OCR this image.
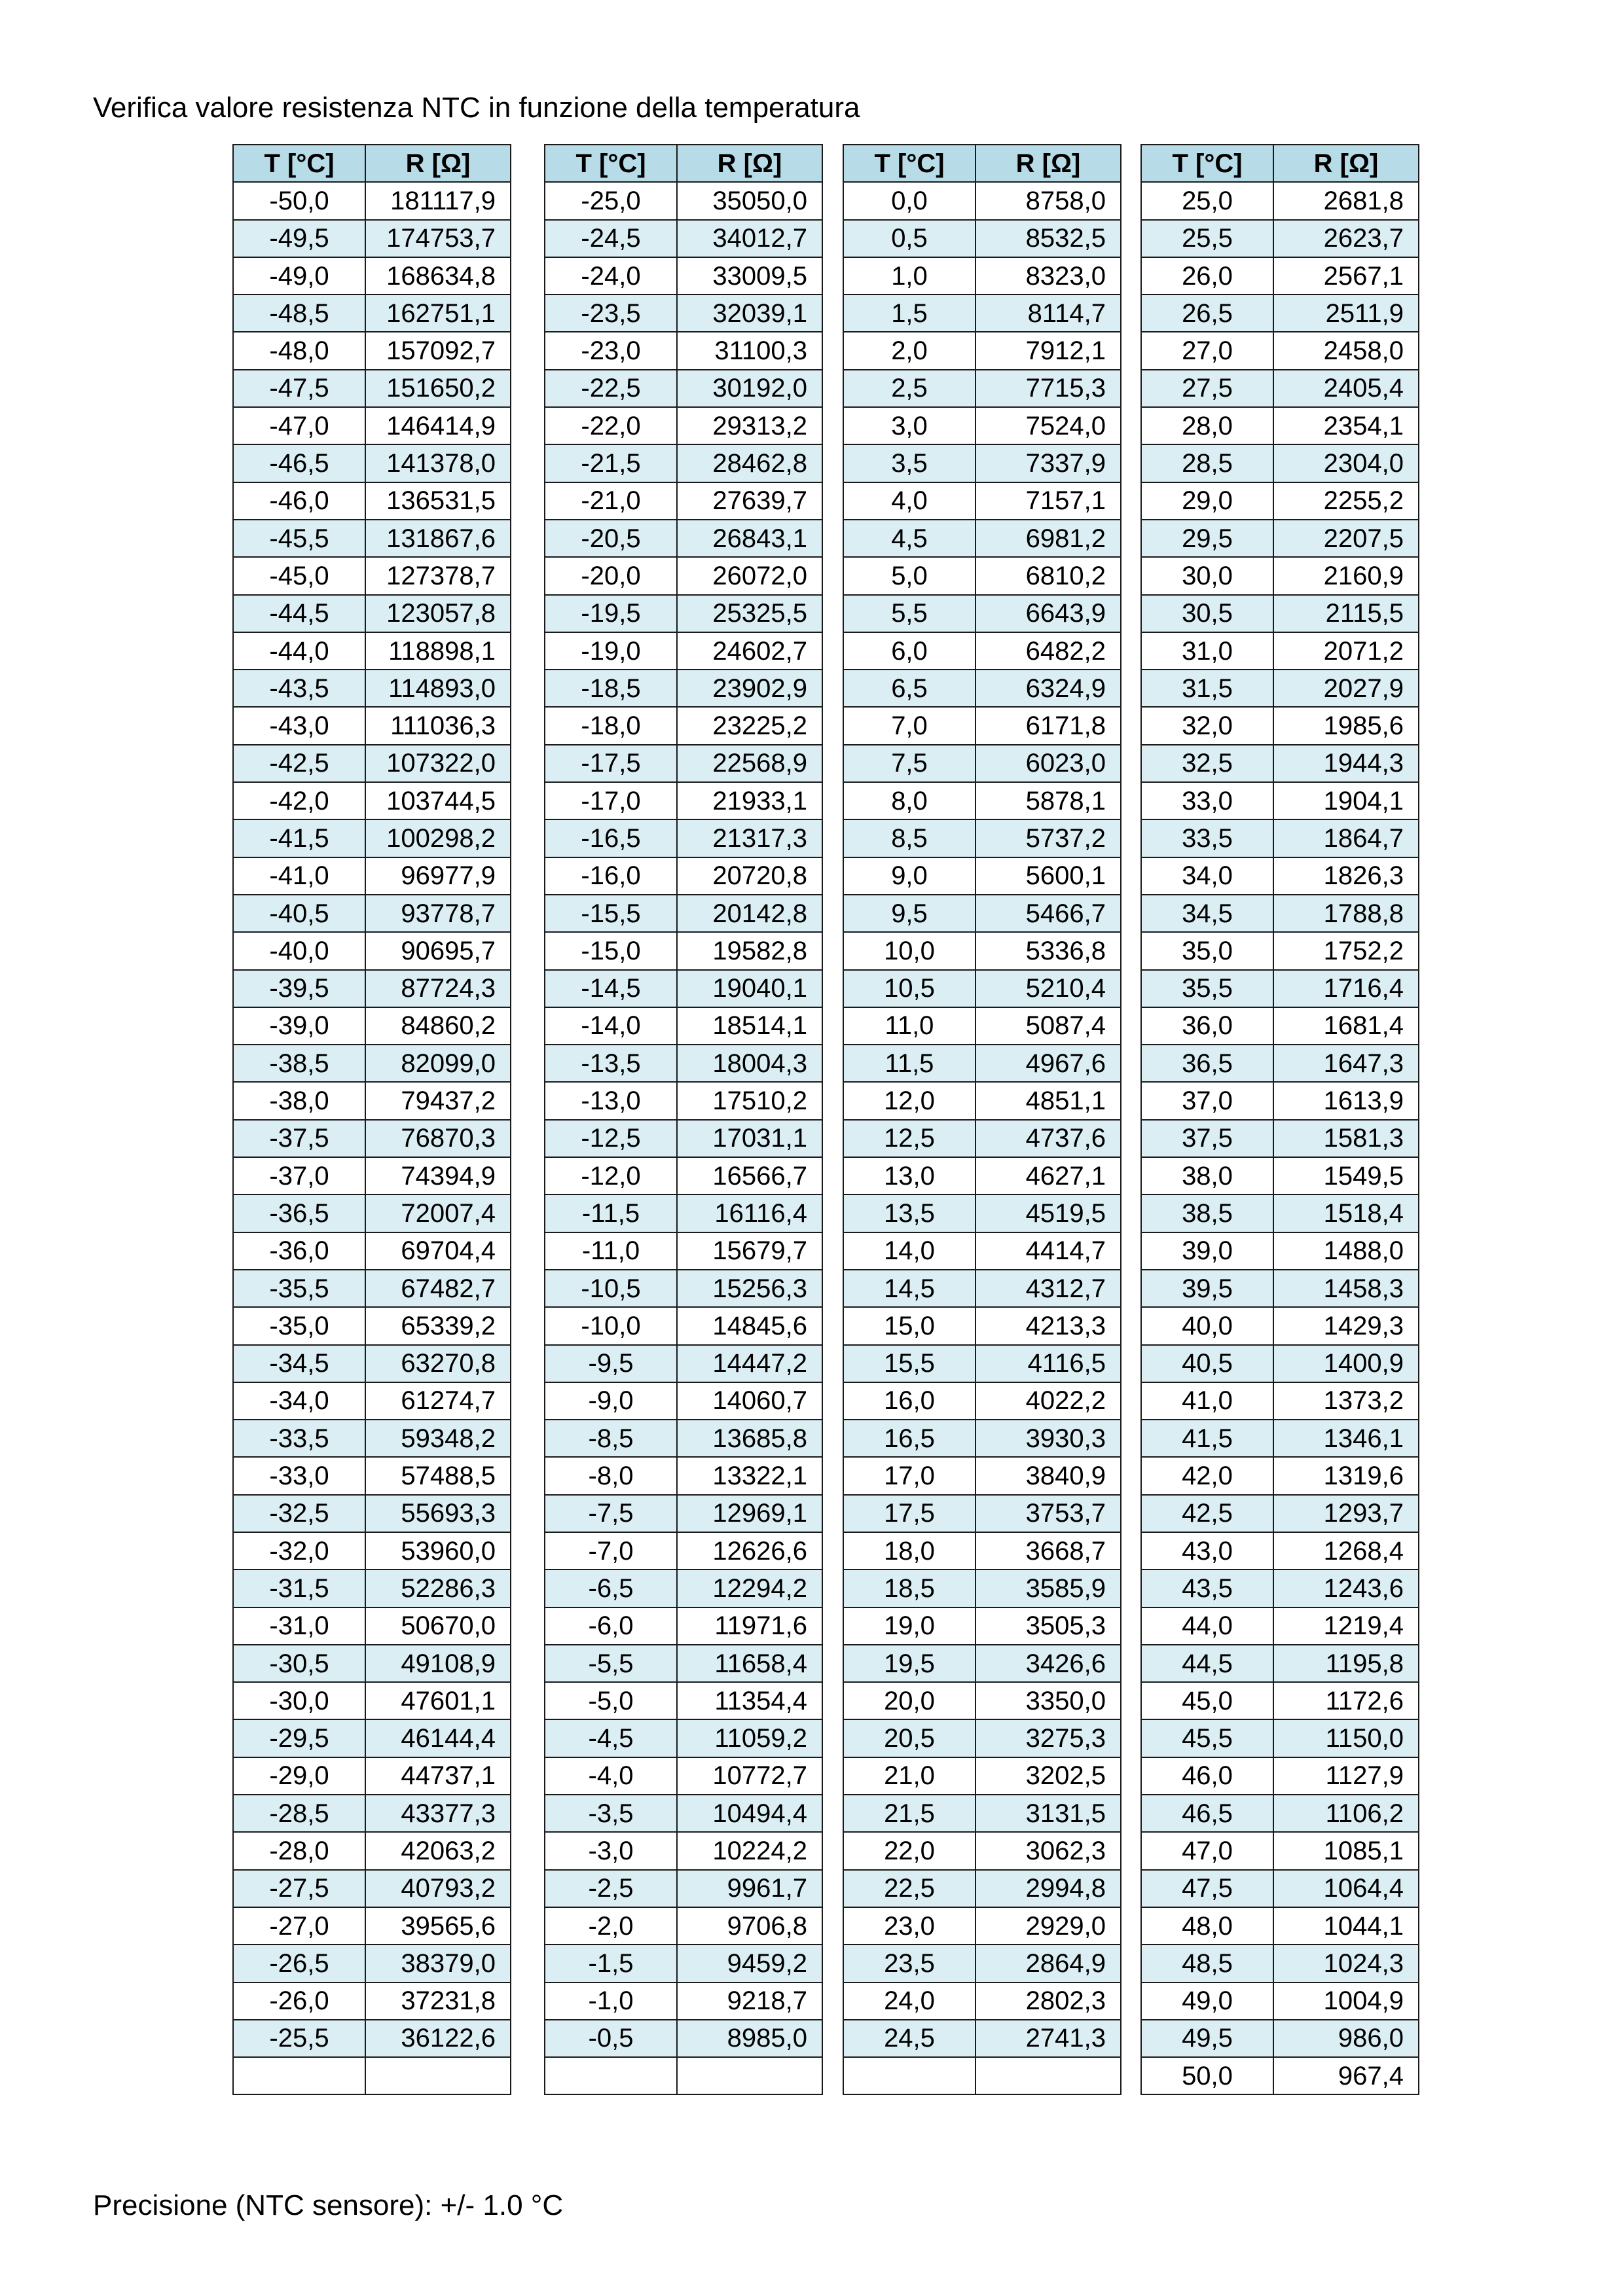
Verifica valore resistenza NTC in funzione della temperatura
T [°C]	R [Ω]
-50,0	181117,9
-49,5	174753,7
-49,0	168634,8
-48,5	162751,1
-48,0	157092,7
-47,5	151650,2
-47,0	146414,9
-46,5	141378,0
-46,0	136531,5
-45,5	131867,6
-45,0	127378,7
-44,5	123057,8
-44,0	118898,1
-43,5	114893,0
-43,0	111036,3
-42,5	107322,0
-42,0	103744,5
-41,5	100298,2
-41,0	96977,9
-40,5	93778,7
-40,0	90695,7
-39,5	87724,3
-39,0	84860,2
-38,5	82099,0
-38,0	79437,2
-37,5	76870,3
-37,0	74394,9
-36,5	72007,4
-36,0	69704,4
-35,5	67482,7
-35,0	65339,2
-34,5	63270,8
-34,0	61274,7
-33,5	59348,2
-33,0	57488,5
-32,5	55693,3
-32,0	53960,0
-31,5	52286,3
-31,0	50670,0
-30,5	49108,9
-30,0	47601,1
-29,5	46144,4
-29,0	44737,1
-28,5	43377,3
-28,0	42063,2
-27,5	40793,2
-27,0	39565,6
-26,5	38379,0
-26,0	37231,8
-25,5	36122,6

T [°C]	R [Ω]
-25,0	35050,0
-24,5	34012,7
-24,0	33009,5
-23,5	32039,1
-23,0	31100,3
-22,5	30192,0
-22,0	29313,2
-21,5	28462,8
-21,0	27639,7
-20,5	26843,1
-20,0	26072,0
-19,5	25325,5
-19,0	24602,7
-18,5	23902,9
-18,0	23225,2
-17,5	22568,9
-17,0	21933,1
-16,5	21317,3
-16,0	20720,8
-15,5	20142,8
-15,0	19582,8
-14,5	19040,1
-14,0	18514,1
-13,5	18004,3
-13,0	17510,2
-12,5	17031,1
-12,0	16566,7
-11,5	16116,4
-11,0	15679,7
-10,5	15256,3
-10,0	14845,6
-9,5	14447,2
-9,0	14060,7
-8,5	13685,8
-8,0	13322,1
-7,5	12969,1
-7,0	12626,6
-6,5	12294,2
-6,0	11971,6
-5,5	11658,4
-5,0	11354,4
-4,5	11059,2
-4,0	10772,7
-3,5	10494,4
-3,0	10224,2
-2,5	9961,7
-2,0	9706,8
-1,5	9459,2
-1,0	9218,7
-0,5	8985,0

T [°C]	R [Ω]
0,0	8758,0
0,5	8532,5
1,0	8323,0
1,5	8114,7
2,0	7912,1
2,5	7715,3
3,0	7524,0
3,5	7337,9
4,0	7157,1
4,5	6981,2
5,0	6810,2
5,5	6643,9
6,0	6482,2
6,5	6324,9
7,0	6171,8
7,5	6023,0
8,0	5878,1
8,5	5737,2
9,0	5600,1
9,5	5466,7
10,0	5336,8
10,5	5210,4
11,0	5087,4
11,5	4967,6
12,0	4851,1
12,5	4737,6
13,0	4627,1
13,5	4519,5
14,0	4414,7
14,5	4312,7
15,0	4213,3
15,5	4116,5
16,0	4022,2
16,5	3930,3
17,0	3840,9
17,5	3753,7
18,0	3668,7
18,5	3585,9
19,0	3505,3
19,5	3426,6
20,0	3350,0
20,5	3275,3
21,0	3202,5
21,5	3131,5
22,0	3062,3
22,5	2994,8
23,0	2929,0
23,5	2864,9
24,0	2802,3
24,5	2741,3

T [°C]	R [Ω]
25,0	2681,8
25,5	2623,7
26,0	2567,1
26,5	2511,9
27,0	2458,0
27,5	2405,4
28,0	2354,1
28,5	2304,0
29,0	2255,2
29,5	2207,5
30,0	2160,9
30,5	2115,5
31,0	2071,2
31,5	2027,9
32,0	1985,6
32,5	1944,3
33,0	1904,1
33,5	1864,7
34,0	1826,3
34,5	1788,8
35,0	1752,2
35,5	1716,4
36,0	1681,4
36,5	1647,3
37,0	1613,9
37,5	1581,3
38,0	1549,5
38,5	1518,4
39,0	1488,0
39,5	1458,3
40,0	1429,3
40,5	1400,9
41,0	1373,2
41,5	1346,1
42,0	1319,6
42,5	1293,7
43,0	1268,4
43,5	1243,6
44,0	1219,4
44,5	1195,8
45,0	1172,6
45,5	1150,0
46,0	1127,9
46,5	1106,2
47,0	1085,1
47,5	1064,4
48,0	1044,1
48,5	1024,3
49,0	1004,9
49,5	986,0
50,0	967,4
Precisione (NTC sensore): +/- 1.0 °C
